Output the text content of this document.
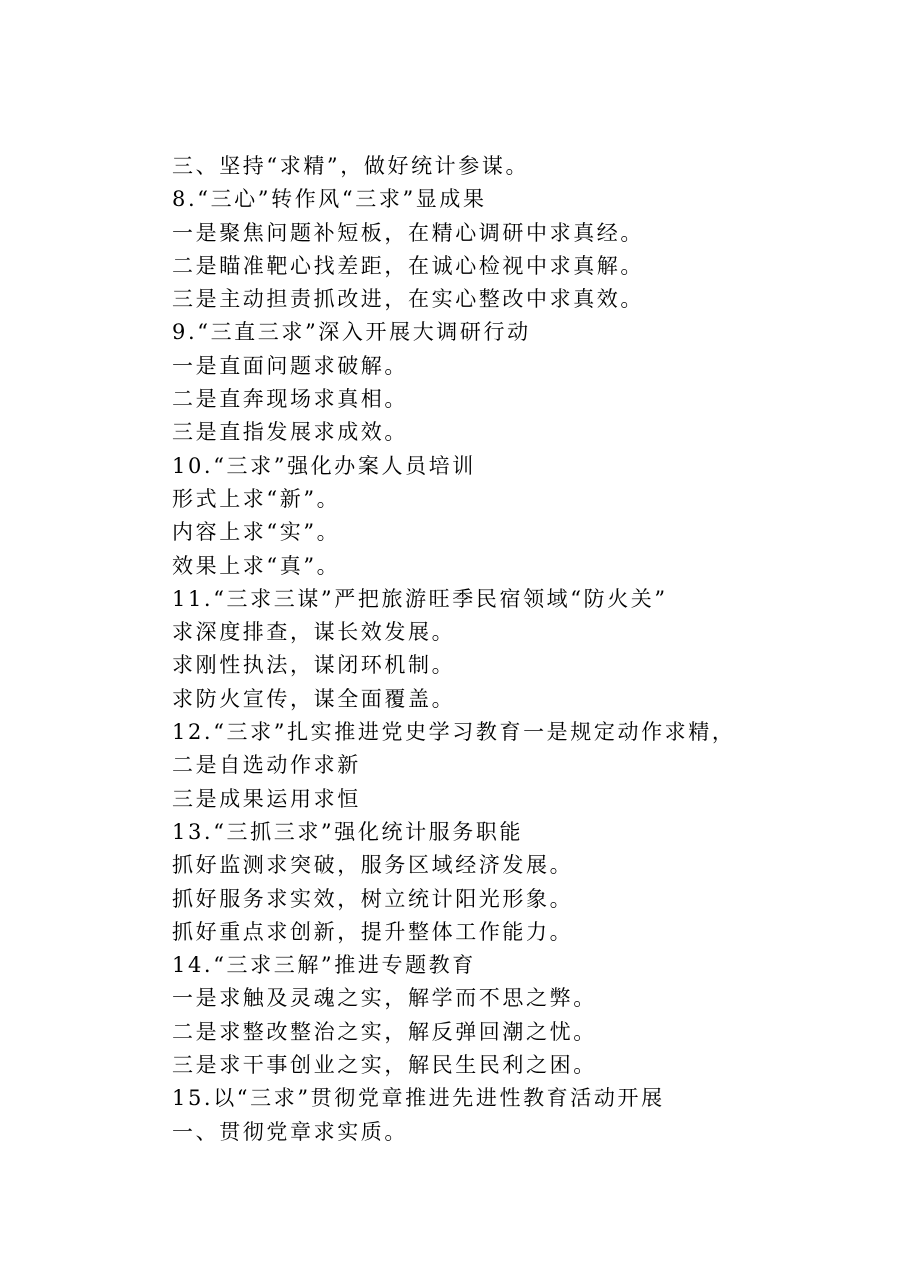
三、坚持“求精”，做好统计参谋。
8.“三心”转作风“三求”显成果
一是聚焦问题补短板，在精心调研中求真经。
二是瞄准靶心找差距，在诚心检视中求真解。
三是主动担责抓改进，在实心整改中求真效。
9.“三直三求”深入开展大调研行动
一是直面问题求破解。
二是直奔现场求真相。
三是直指发展求成效。
10.“三求”强化办案人员培训
形式上求“新”。
内容上求“实”。
效果上求“真”。
11.“三求三谋”严把旅游旺季民宿领域“防火关”
求深度排查，谋长效发展。
求刚性执法，谋闭环机制。
求防火宣传，谋全面覆盖。
12.“三求”扎实推进党史学习教育一是规定动作求精，
二是自选动作求新
三是成果运用求恒
13.“三抓三求”强化统计服务职能
抓好监测求突破，服务区域经济发展。
抓好服务求实效，树立统计阳光形象。
抓好重点求创新，提升整体工作能力。
14.“三求三解”推进专题教育
一是求触及灵魂之实，解学而不思之弊。
二是求整改整治之实，解反弹回潮之忧。
三是求干事创业之实，解民生民利之困。
15.以“三求”贯彻党章推进先进性教育活动开展
一、贯彻党章求实质。
